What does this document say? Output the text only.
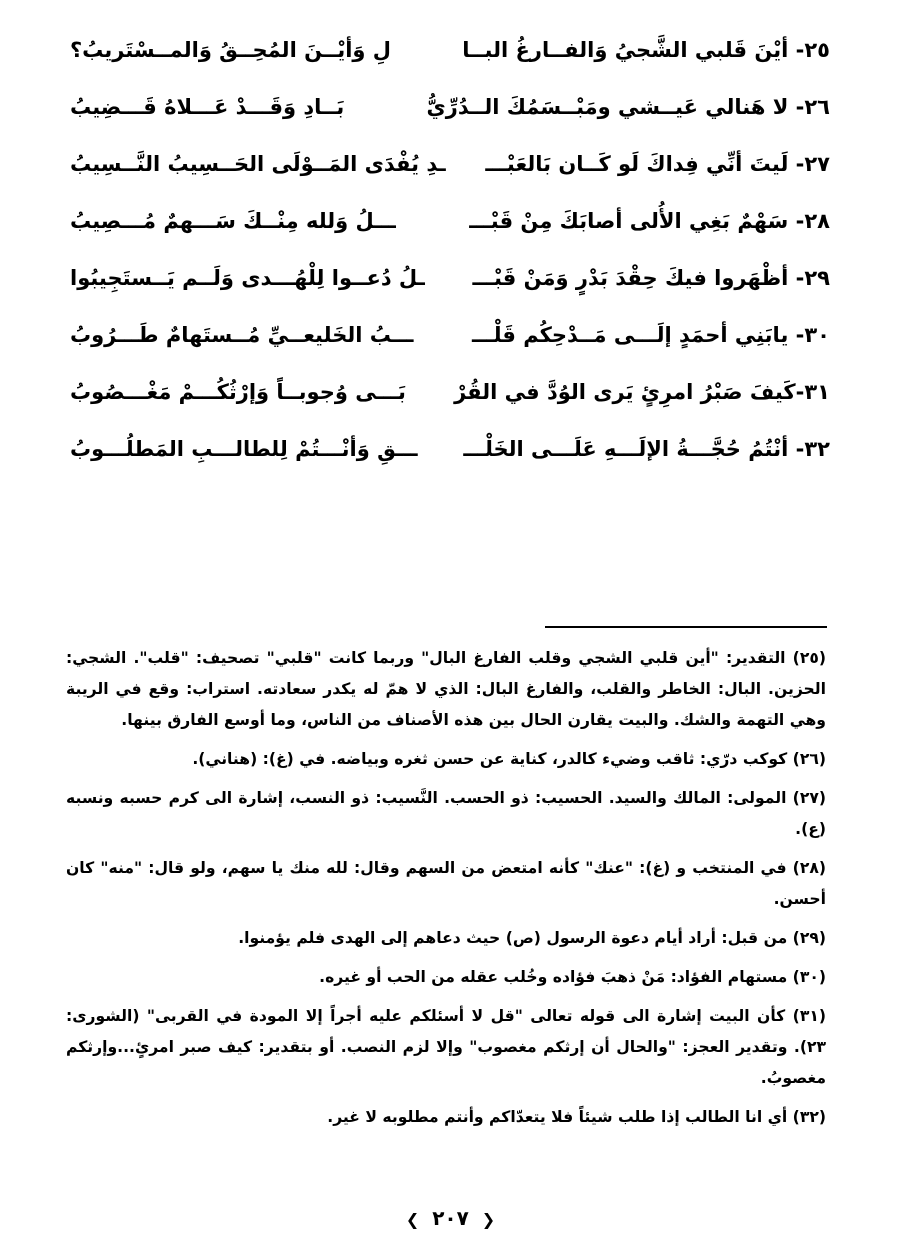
٢٥- أيْنَ قَلبي الشَّجيُ وَالفــارغُ البــا
لِ وَأيْــنَ المُحِــقُ وَالمــسْتَريبُ؟
٢٦- لا هَنالي عَيــشي ومَبْــسَمُكَ الــدُرِّيُّ
بَــادِ وَقَـــدْ عَـــلاهُ قَـــضِيبُ
٢٧- لَيتَ أنِّي فِداكَ لَو كَــان بَالعَبْـــ
ـدِ يُفْدَى المَــوْلَى الحَــسِيبُ النَّــسِيبُ
٢٨- سَهْمٌ بَغِي الأُلى أصابَكَ مِنْ قَبْـــ
ـــلُ وَلله مِنْــكَ سَـــهمٌ مُـــصِيبُ
٢٩- أظْهَروا فيكَ حِقْدَ بَدْرٍ وَمَنْ قَبْـــ
ـلُ دُعــوا لِلْهُـــدى وَلَــم يَــستَجِيبُوا
٣٠- يابَنِي أحمَدٍ إلَـــى مَــدْحِكُم قَلْـــ
ـــبُ الخَليعــيِّ مُــستَهامٌ طَـــرُوبُ
٣١-كَيفَ صَبْرُ امرِئٍ يَرى الوُدَّ في القُرْ
بَـــى وُجوبــاً وَإرْثُكُـــمْ مَغْـــصُوبُ
٣٢- أنْتُمُ حُجَّـــةُ الإلَـــهِ عَلَـــى الخَلْـــ
ـــقِ وَأنْـــتُمْ لِلطالـــبِ المَطلُـــوبُ

(٢٥) التقدير: "أين قلبي الشجي وقلب الفارغ البال" وربما كانت "قلبي" تصحيف: "قلب". الشجي: الحزين. البال: الخاطر والقلب، والفارغ البال: الذي لا همّ له يكدر سعادته. استراب: وقع في الريبة وهي التهمة والشك. والبيت يقارن الحال بين هذه الأصناف من الناس، وما أوسع الفارق بينها.

(٢٦) كوكب درّي: ثاقب وضيء كالدر، كناية عن حسن ثغره وبياضه. في (غ): (هناني).

(٢٧) المولى: المالك والسيد. الحسيب: ذو الحسب. النَّسيب: ذو النسب، إشارة الى كرم حسبه ونسبه (ع).

(٢٨) في المنتخب و (غ): "عنك" كأنه امتعض من السهم وقال: لله منك يا سهم، ولو قال: "منه" كان أحسن.

(٢٩) من قبل: أراد أيام دعوة الرسول (ص) حيث دعاهم إلى الهدى فلم يؤمنوا.

(٣٠) مستهام الفؤاد: مَنْ ذهبَ فؤاده وخُلب عقله من الحب أو غيره.

(٣١) كأن البيت إشارة الى قوله تعالى "قل لا أسئلكم عليه أجراً إلا المودة في القربى" (الشورى: ٢٣). وتقدير العجز: "والحال أن إرثكم مغصوب" وإلا لزم النصب. أو بتقدير: كيف صبر امرئٍ...وإرثكم مغصوبُ.

(٣٢) أي انا الطالب إذا طلب شيئاً فلا يتعدّاكم وأنتم مطلوبه لا غير.

❮ ٢٠٧ ❯
